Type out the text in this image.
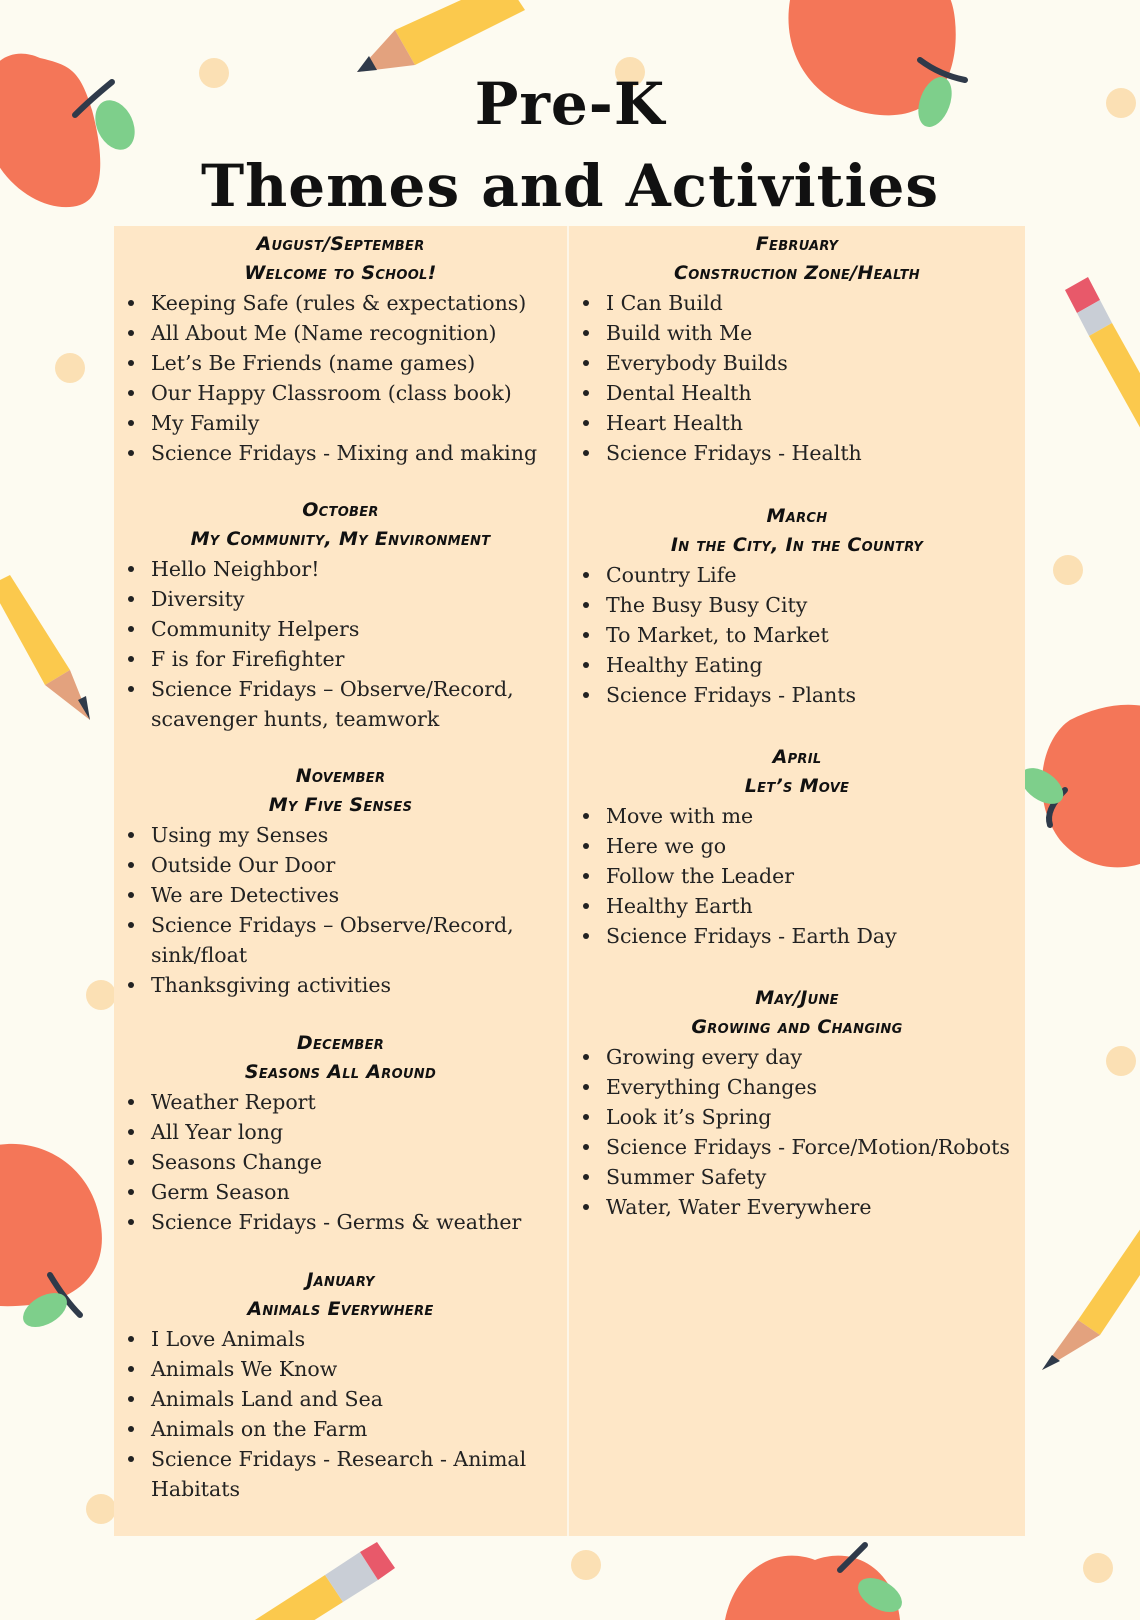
Pre-K
Themes and Activities
August/September
Welcome to School!
Keeping Safe (rules & expectations)
All About Me (Name recognition)
Let’s Be Friends (name games)
Our Happy Classroom (class book)
My Family
Science Fridays - Mixing and making
October
My Community, My Environment
Hello Neighbor!
Diversity
Community Helpers
F is for Firefighter
Science Fridays – Observe/Record, scavenger hunts, teamwork
November
My Five Senses
Using my Senses
Outside Our Door
We are Detectives
Science Fridays – Observe/Record, sink/float
Thanksgiving activities
December
Seasons All Around
Weather Report
All Year long
Seasons Change
Germ Season
Science Fridays - Germs & weather
January
Animals Everywhere
I Love Animals
Animals We Know
Animals Land and Sea
Animals on the Farm
Science Fridays - Research - Animal Habitats
February
Construction Zone/Health
I Can Build
Build with Me
Everybody Builds
Dental Health
Heart Health
Science Fridays - Health
March
In the City, In the Country
Country Life
The Busy Busy City
To Market, to Market
Healthy Eating
Science Fridays - Plants
April
Let’s Move
Move with me
Here we go
Follow the Leader
Healthy Earth
Science Fridays - Earth Day
May/June
Growing and Changing
Growing every day
Everything Changes
Look it’s Spring
Science Fridays - Force/Motion/Robots
Summer Safety
Water, Water Everywhere
